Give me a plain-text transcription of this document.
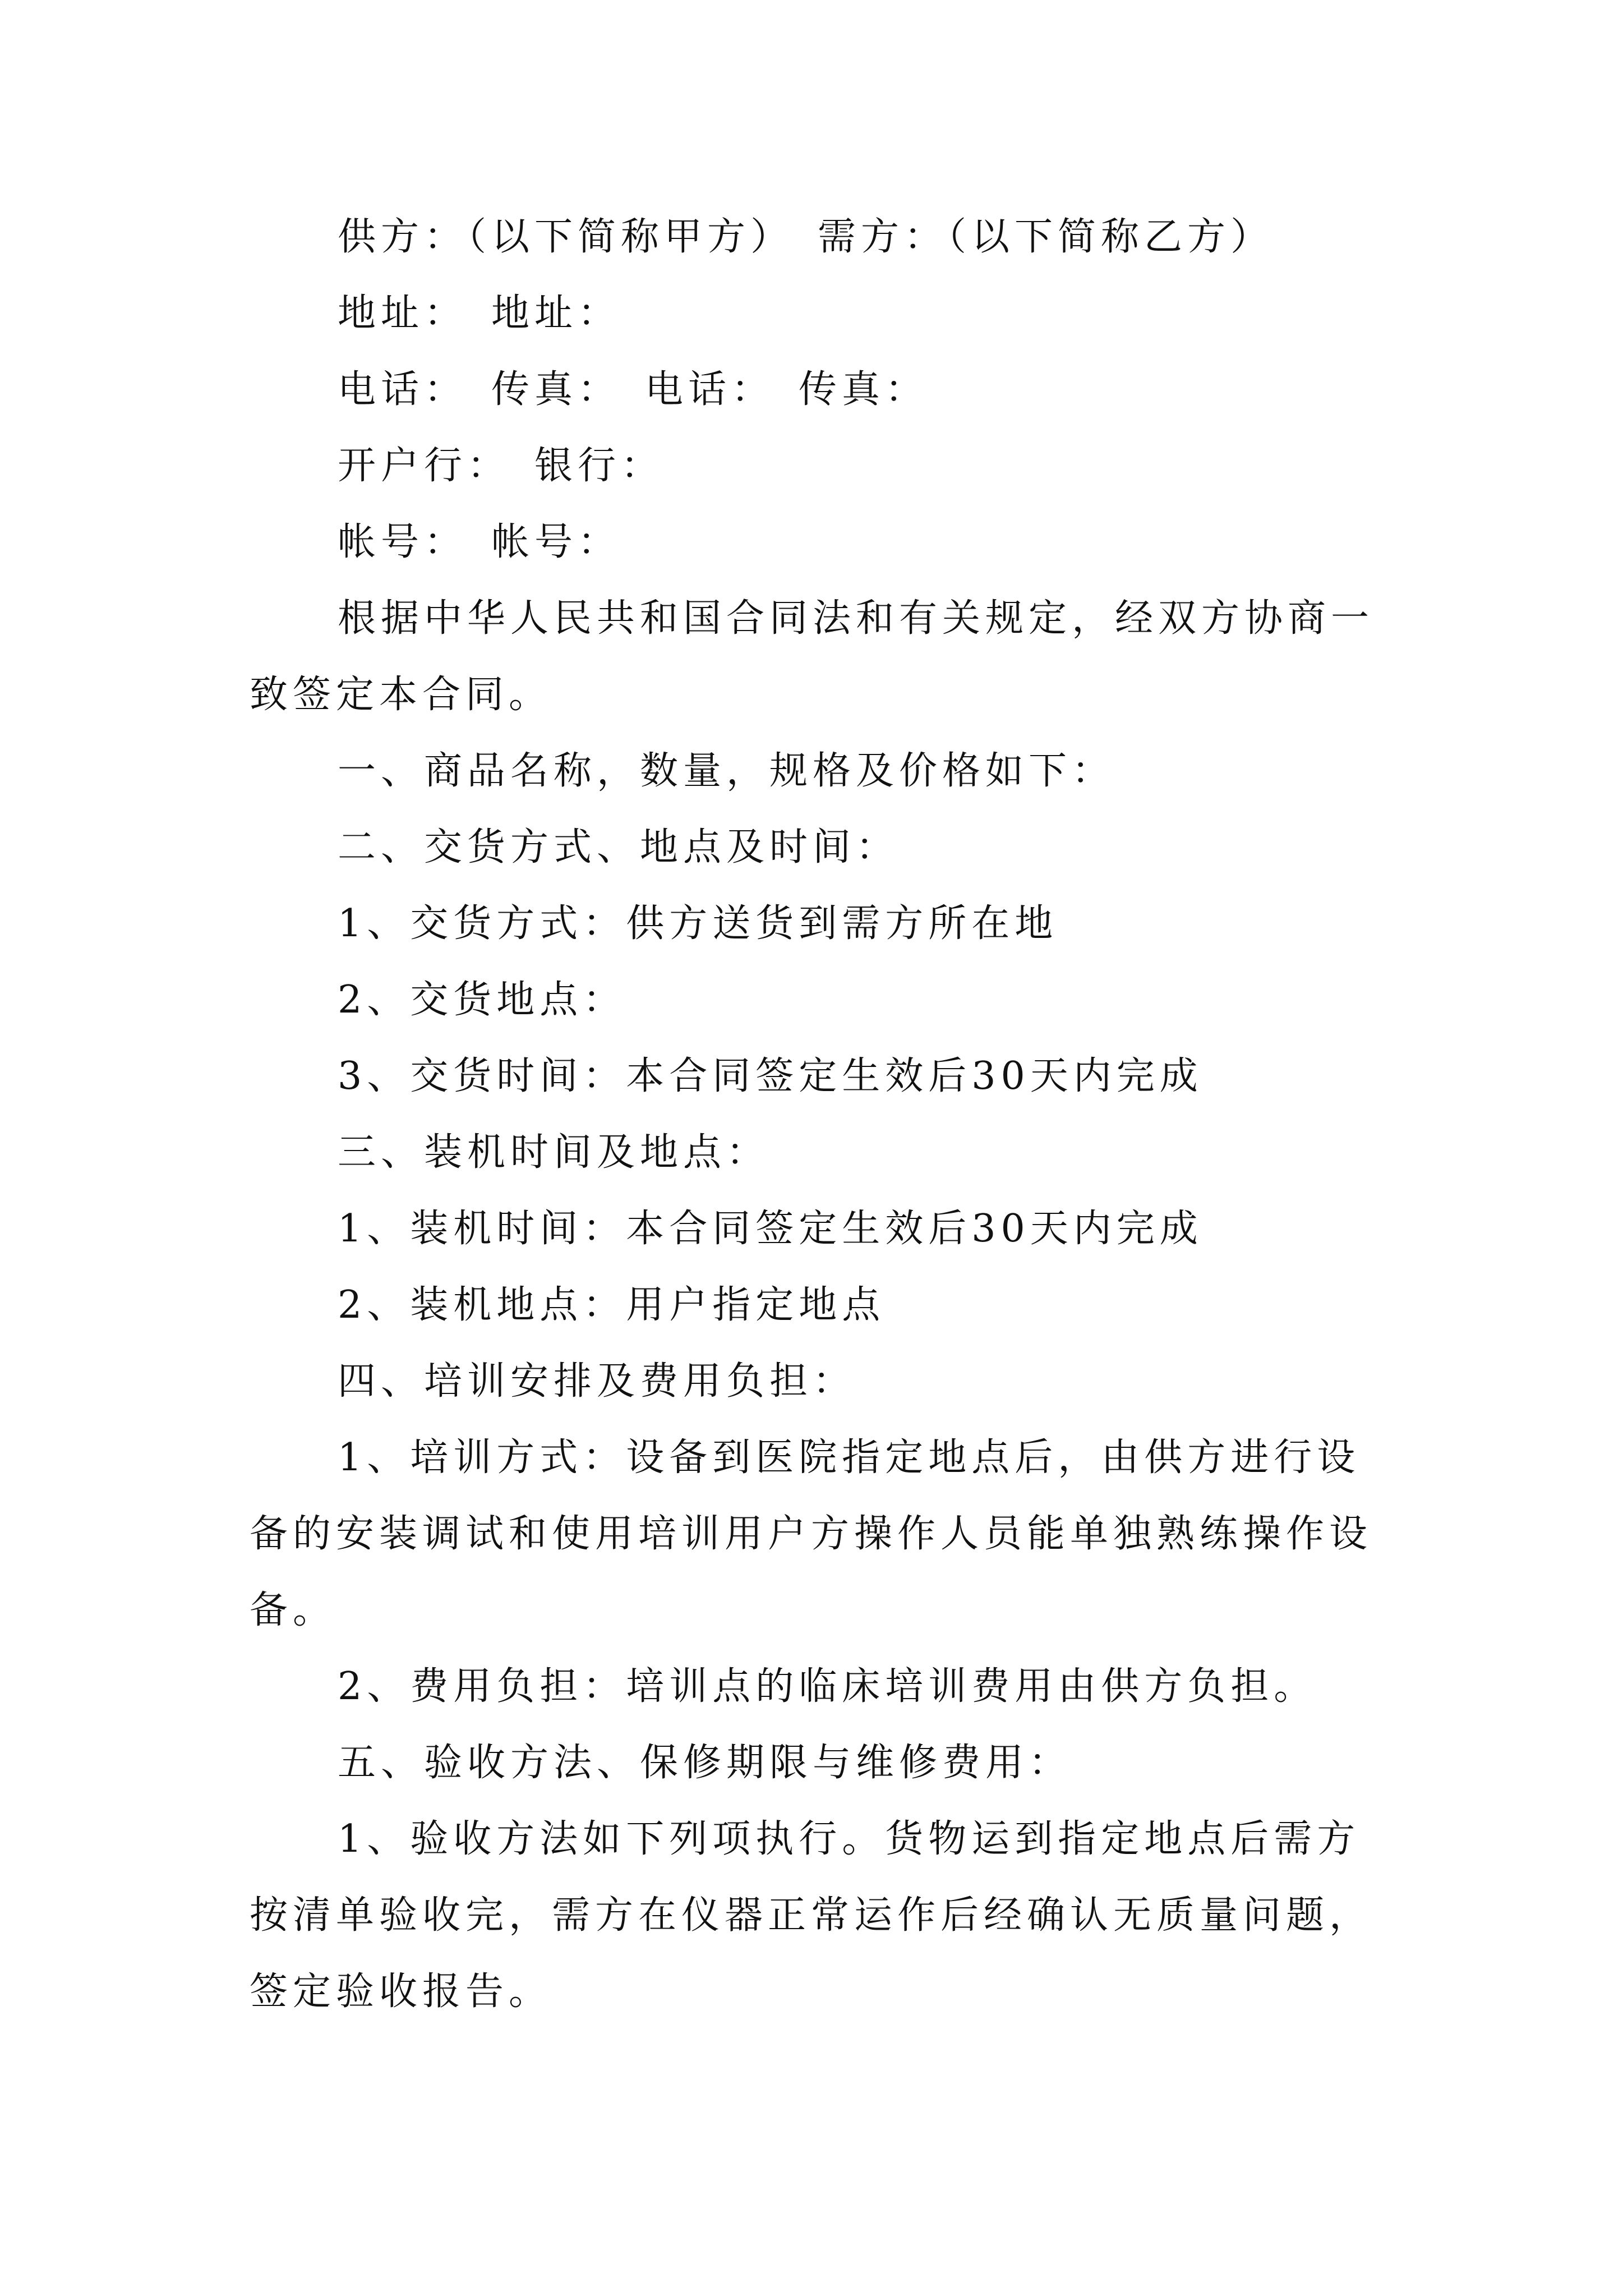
供方：（以下简称甲方）　需方：（以下简称乙方）

地址：　地址：

电话：　传真：　电话：　传真：

开户行：　银行：

帐号：　帐号：

根据中华人民共和国合同法和有关规定，经双方协商一致签定本合同。

一、商品名称，数量，规格及价格如下：

二、交货方式、地点及时间：

1、交货方式：供方送货到需方所在地

2、交货地点：

3、交货时间：本合同签定生效后30天内完成

三、装机时间及地点：

1、装机时间：本合同签定生效后30天内完成

2、装机地点：用户指定地点

四、培训安排及费用负担：

1、培训方式：设备到医院指定地点后，由供方进行设备的安装调试和使用培训用户方操作人员能单独熟练操作设备。

2、费用负担：培训点的临床培训费用由供方负担。

五、验收方法、保修期限与维修费用：

1、验收方法如下列项执行。货物运到指定地点后需方按清单验收完，需方在仪器正常运作后经确认无质量问题，签定验收报告。
